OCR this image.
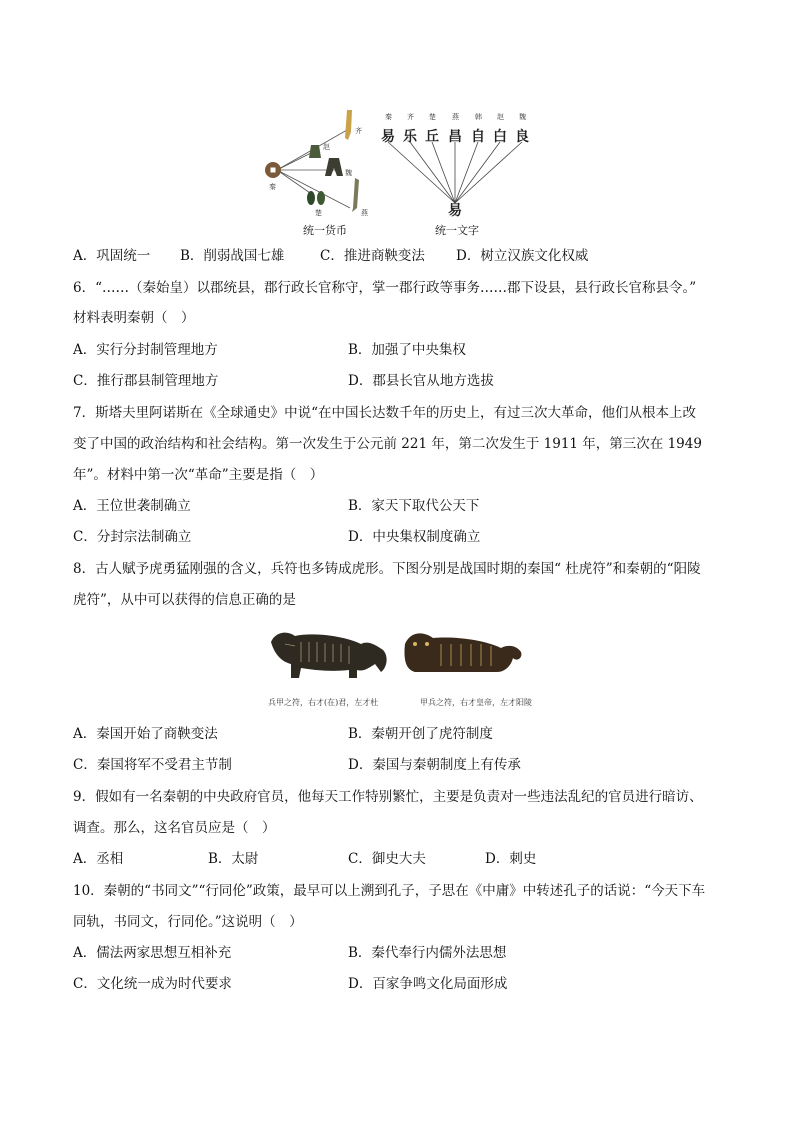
秦
赵
齐
魏
楚	燕
统一货币
秦 齐 楚 燕 韩 赵 魏
易 乐 丘 昌 自 白 良
易
统一文字
A．巩固统一 B．削弱战国七雄	C．推进商鞅变法 D．树立汉族文化权威
6．“……（秦始皇）以郡统县，郡行政长官称守，掌一郡行政等事务……郡下设县，县行政长官称县令。”
材料表明秦朝（　）
A．实行分封制管理地方	B．加强了中央集权
C．推行郡县制管理地方	D．郡县长官从地方选拔
7．斯塔夫里阿诺斯在《全球通史》中说“在中国长达数千年的历史上，有过三次大革命，他们从根本上改
变了中国的政治结构和社会结构。第一次发生于公元前 221 年，第二次发生于 1911 年，第三次在 1949
年”。材料中第一次“革命”主要是指（　）
A．王位世袭制确立	B．家天下取代公天下
C．分封宗法制确立	D．中央集权制度确立
8．古人赋予虎勇猛刚强的含义，兵符也多铸成虎形。下图分别是战国时期的秦国“ 杜虎符”和秦朝的“阳陵
虎符”，从中可以获得的信息正确的是
兵甲之符，右才(在)君，左才杜	甲兵之符，右才皇帝，左才阳陵
A．秦国开始了商鞅变法	B．秦朝开创了虎符制度
C．秦国将军不受君主节制	D．秦国与秦朝制度上有传承
9．假如有一名秦朝的中央政府官员，他每天工作特别繁忙，主要是负责对一些违法乱纪的官员进行暗访、
调查。那么，这名官员应是（　）
A．丞相	B．太尉	C．御史大夫	D．刺史
10．秦朝的“书同文”“行同伦”政策，最早可以上溯到孔子，子思在《中庸》中转述孔子的话说：“今天下车
同轨，书同文，行同伦。”这说明（　）
A．儒法两家思想互相补充	B．秦代奉行内儒外法思想
C．文化统一成为时代要求	D．百家争鸣文化局面形成
